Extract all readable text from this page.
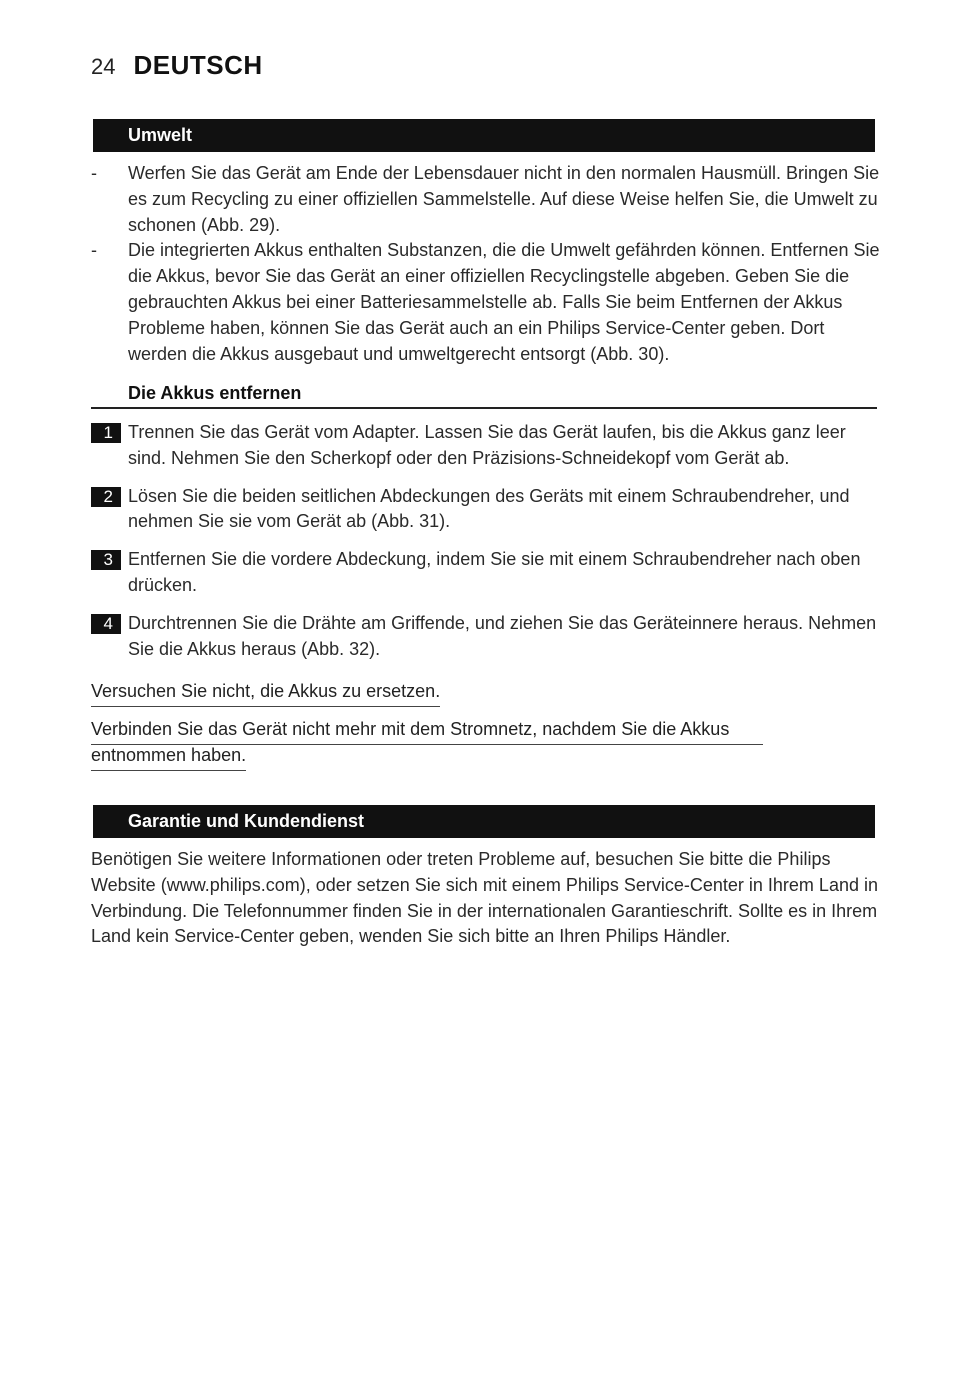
24 DEUTSCH
Umwelt
- Werfen Sie das Gerät am Ende der Lebensdauer nicht in den normalen Hausmüll. Bringen Sie es zum Recycling zu einer offiziellen Sammelstelle. Auf diese Weise helfen Sie, die Umwelt zu schonen (Abb. 29).
- Die integrierten Akkus enthalten Substanzen, die die Umwelt gefährden können. Entfernen Sie die Akkus, bevor Sie das Gerät an einer offiziellen Recyclingstelle abgeben. Geben Sie die gebrauchten Akkus bei einer Batteriesammelstelle ab. Falls Sie beim Entfernen der Akkus Probleme haben, können Sie das Gerät auch an ein Philips Service-Center geben. Dort werden die Akkus ausgebaut und umweltgerecht entsorgt (Abb. 30).
Die Akkus entfernen
1 Trennen Sie das Gerät vom Adapter. Lassen Sie das Gerät laufen, bis die Akkus ganz leer sind. Nehmen Sie den Scherkopf oder den Präzisions-Schneidekopf vom Gerät ab.
2 Lösen Sie die beiden seitlichen Abdeckungen des Geräts mit einem Schraubendreher, und nehmen Sie sie vom Gerät ab (Abb. 31).
3 Entfernen Sie die vordere Abdeckung, indem Sie sie mit einem Schraubendreher nach oben drücken.
4 Durchtrennen Sie die Drähte am Griffende, und ziehen Sie das Geräteinnere heraus. Nehmen Sie die Akkus heraus (Abb. 32).
Versuchen Sie nicht, die Akkus zu ersetzen.
Verbinden Sie das Gerät nicht mehr mit dem Stromnetz, nachdem Sie die Akkus
entnommen haben.
Garantie und Kundendienst

Benötigen Sie weitere Informationen oder treten Probleme auf, besuchen Sie bitte die Philips Website (www.philips.com), oder setzen Sie sich mit einem Philips Service-Center in Ihrem Land in Verbindung. Die Telefonnummer finden Sie in der internationalen Garantieschrift. Sollte es in Ihrem Land kein Service-Center geben, wenden Sie sich bitte an Ihren Philips Händler.
